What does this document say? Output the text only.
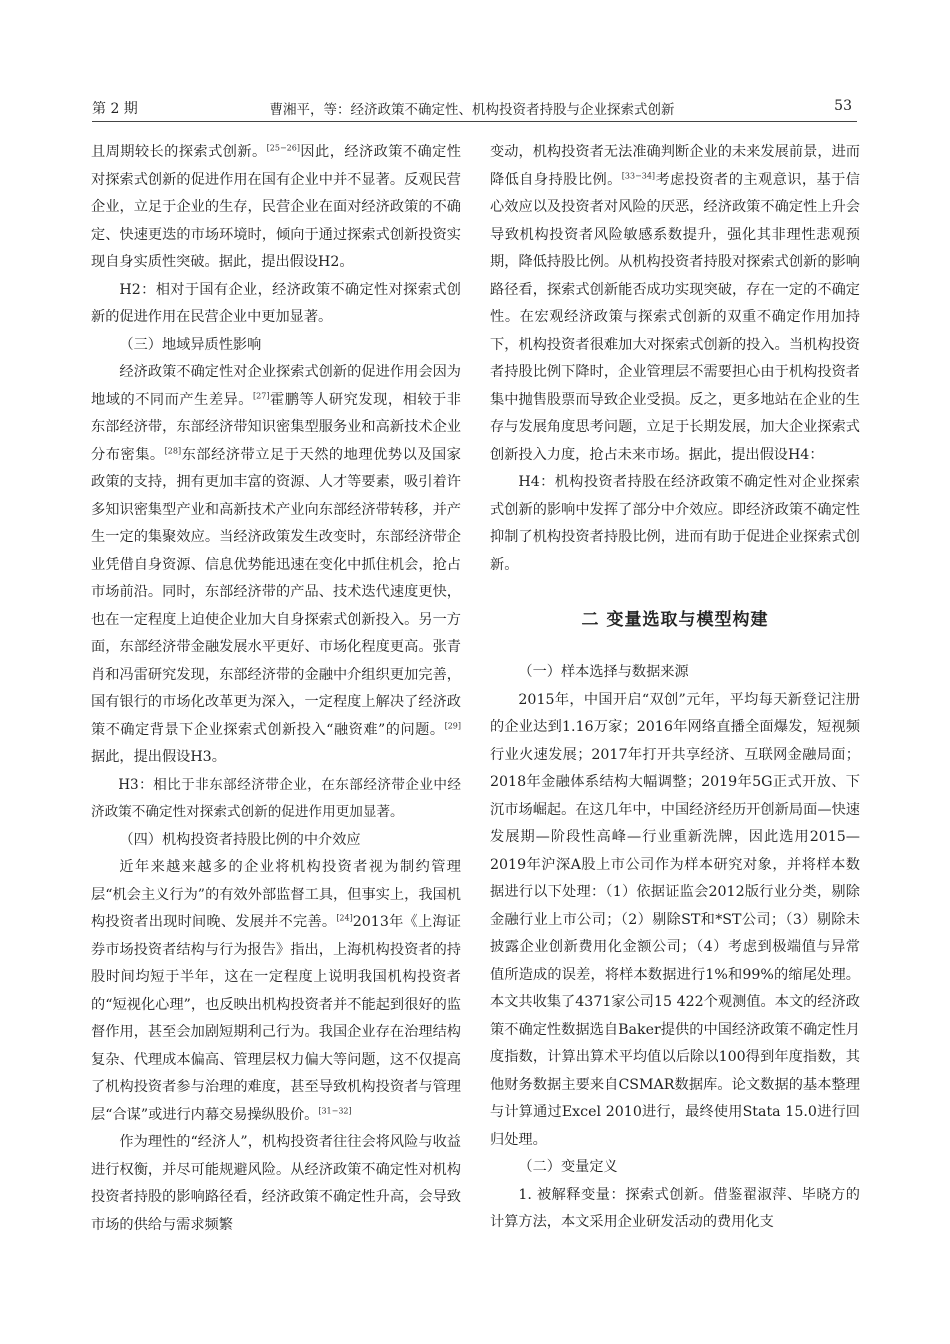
第 2 期	曹湘平，等：经济政策不确定性、机构投资者持股与企业探索式创新	53

且周期较长的探索式创新。[25−26]因此，经济政策不确定性对探索式创新的促进作用在国有企业中并不显著。反观民营企业，立足于企业的生存，民营企业在面对经济政策的不确定、快速更迭的市场环境时，倾向于通过探索式创新投资实现自身实质性突破。据此，提出假设H2。

H2：相对于国有企业，经济政策不确定性对探索式创新的促进作用在民营企业中更加显著。

（三）地域异质性影响

经济政策不确定性对企业探索式创新的促进作用会因为地域的不同而产生差异。[27]霍鹏等人研究发现，相较于非东部经济带，东部经济带知识密集型服务业和高新技术企业分布密集。[28]东部经济带立足于天然的地理优势以及国家政策的支持，拥有更加丰富的资源、人才等要素，吸引着许多知识密集型产业和高新技术产业向东部经济带转移，并产生一定的集聚效应。当经济政策发生改变时，东部经济带企业凭借自身资源、信息优势能迅速在变化中抓住机会，抢占市场前沿。同时，东部经济带的产品、技术迭代速度更快，也在一定程度上迫使企业加大自身探索式创新投入。另一方面，东部经济带金融发展水平更好、市场化程度更高。张青肖和冯雷研究发现，东部经济带的金融中介组织更加完善，国有银行的市场化改革更为深入，一定程度上解决了经济政策不确定背景下企业探索式创新投入“融资难”的问题。[29]据此，提出假设H3。

H3：相比于非东部经济带企业，在东部经济带企业中经济政策不确定性对探索式创新的促进作用更加显著。

（四）机构投资者持股比例的中介效应

近年来越来越多的企业将机构投资者视为制约管理层“机会主义行为”的有效外部监督工具，但事实上，我国机构投资者出现时间晚、发展并不完善。[24]2013年《上海证券市场投资者结构与行为报告》指出，上海机构投资者的持股时间均短于半年，这在一定程度上说明我国机构投资者的“短视化心理”，也反映出机构投资者并不能起到很好的监督作用，甚至会加剧短期利己行为。我国企业存在治理结构复杂、代理成本偏高、管理层权力偏大等问题，这不仅提高了机构投资者参与治理的难度，甚至导致机构投资者与管理层“合谋”或进行内幕交易操纵股价。[31−32]

作为理性的“经济人”，机构投资者往往会将风险与收益进行权衡，并尽可能规避风险。从经济政策不确定性对机构投资者持股的影响路径看，经济政策不确定性升高，会导致市场的供给与需求频繁

变动，机构投资者无法准确判断企业的未来发展前景，进而降低自身持股比例。[33−34]考虑投资者的主观意识，基于信心效应以及投资者对风险的厌恶，经济政策不确定性上升会导致机构投资者风险敏感系数提升，强化其非理性悲观预期，降低持股比例。从机构投资者持股对探索式创新的影响路径看，探索式创新能否成功实现突破，存在一定的不确定性。在宏观经济政策与探索式创新的双重不确定作用加持下，机构投资者很难加大对探索式创新的投入。当机构投资者持股比例下降时，企业管理层不需要担心由于机构投资者集中抛售股票而导致企业受损。反之，更多地站在企业的生存与发展角度思考问题，立足于长期发展，加大企业探索式创新投入力度，抢占未来市场。据此，提出假设H4：

H4：机构投资者持股在经济政策不确定性对企业探索式创新的影响中发挥了部分中介效应。即经济政策不确定性抑制了机构投资者持股比例，进而有助于促进企业探索式创新。

二 变量选取与模型构建

（一）样本选择与数据来源

2015年，中国开启“双创”元年，平均每天新登记注册的企业达到1.16万家；2016年网络直播全面爆发，短视频行业火速发展；2017年打开共享经济、互联网金融局面；2018年金融体系结构大幅调整；2019年5G正式开放、下沉市场崛起。在这几年中，中国经济经历开创新局面—快速发展期—阶段性高峰—行业重新洗牌，因此选用2015—2019年沪深A股上市公司作为样本研究对象，并将样本数据进行以下处理：（1）依据证监会2012版行业分类，剔除金融行业上市公司；（2）剔除ST和*ST公司；（3）剔除未披露企业创新费用化金额公司；（4）考虑到极端值与异常值所造成的误差，将样本数据进行1%和99%的缩尾处理。本文共收集了4371家公司15 422个观测值。本文的经济政策不确定性数据选自Baker提供的中国经济政策不确定性月度指数，计算出算术平均值以后除以100得到年度指数，其他财务数据主要来自CSMAR数据库。论文数据的基本整理与计算通过Excel 2010进行，最终使用Stata 15.0进行回归处理。

（二）变量定义

1. 被解释变量：探索式创新。借鉴翟淑萍、毕晓方的计算方法，本文采用企业研发活动的费用化支
